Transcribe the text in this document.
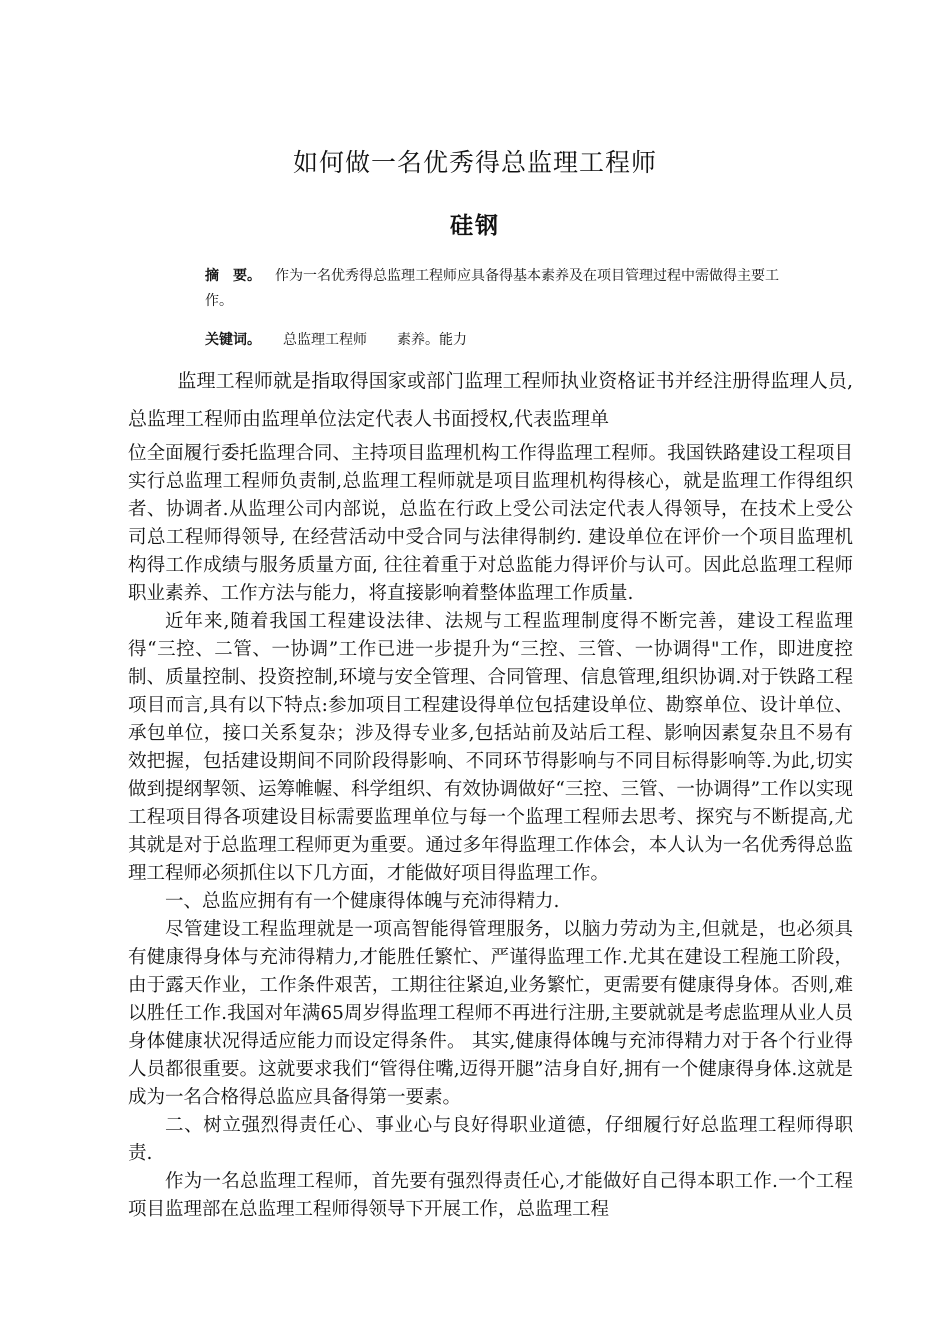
如何做一名优秀得总监理工程师
硅钢
摘　要。 作为一名优秀得总监理工程师应具备得基本素养及在项目管理过程中需做得主要工作。
关键词。 总监理工程师 素养。能力

监理工程师就是指取得国家或部门监理工程师执业资格证书并经注册得监理人员,总监理工程师由监理单位法定代表人书面授权,代表监理单

位全面履行委托监理合同、主持项目监理机构工作得监理工程师。我国铁路建设工程项目实行总监理工程师负责制,总监理工程师就是项目监理机构得核心，就是监理工作得组织者、协调者.从监理公司内部说，总监在行政上受公司法定代表人得领导，在技术上受公司总工程师得领导, 在经营活动中受合同与法律得制约. 建设单位在评价一个项目监理机构得工作成绩与服务质量方面, 往往着重于对总监能力得评价与认可。因此总监理工程师职业素养、工作方法与能力，将直接影响着整体监理工作质量.

近年来,随着我国工程建设法律、法规与工程监理制度得不断完善，建设工程监理得“三控、二管、一协调”工作已进一步提升为“三控、三管、一协调得"工作，即进度控制、质量控制、投资控制,环境与安全管理、合同管理、信息管理,组织协调.对于铁路工程项目而言,具有以下特点:参加项目工程建设得单位包括建设单位、勘察单位、设计单位、承包单位，接口关系复杂；涉及得专业多,包括站前及站后工程、影响因素复杂且不易有效把握，包括建设期间不同阶段得影响、不同环节得影响与不同目标得影响等.为此,切实做到提纲挈领、运筹帷幄、科学组织、有效协调做好“三控、三管、一协调得”工作以实现工程项目得各项建设目标需要监理单位与每一个监理工程师去思考、探究与不断提高,尤其就是对于总监理工程师更为重要。通过多年得监理工作体会，本人认为一名优秀得总监理工程师必须抓住以下几方面，才能做好项目得监理工作。

一、总监应拥有有一个健康得体魄与充沛得精力.

尽管建设工程监理就是一项高智能得管理服务，以脑力劳动为主,但就是，也必须具有健康得身体与充沛得精力,才能胜任繁忙、严谨得监理工作.尤其在建设工程施工阶段，由于露天作业，工作条件艰苦，工期往往紧迫,业务繁忙，更需要有健康得身体。否则,难以胜任工作.我国对年满65周岁得监理工程师不再进行注册,主要就就是考虑监理从业人员身体健康状况得适应能力而设定得条件。 其实,健康得体魄与充沛得精力对于各个行业得人员都很重要。这就要求我们“管得住嘴,迈得开腿”洁身自好,拥有一个健康得身体.这就是成为一名合格得总监应具备得第一要素。

二、树立强烈得责任心、事业心与良好得职业道德，仔细履行好总监理工程师得职责.

作为一名总监理工程师，首先要有强烈得责任心,才能做好自己得本职工作.一个工程项目监理部在总监理工程师得领导下开展工作，总监理工程
